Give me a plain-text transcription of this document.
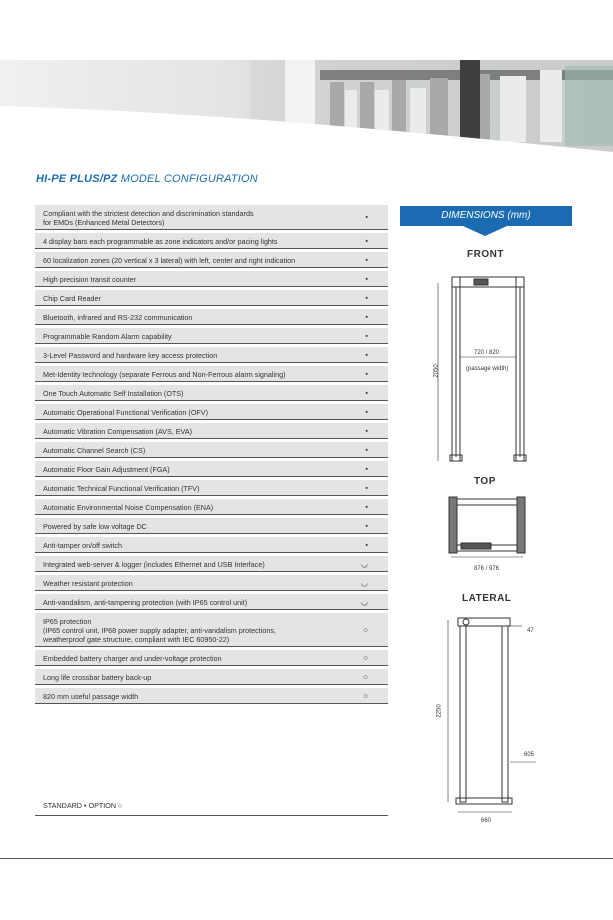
HI-PE PLUS/PZ MODEL CONFIGURATION
Compliant with the strictest detection and discrimination standards
for EMDs (Enhanced Metal Detectors)
•
4 display bars each programmable as zone indicators and/or pacing lights	•
60 localization zones (20 vertical x 3 lateral) with left, center and right indication	•
High precision transit counter	•
Chip Card Reader	•
Bluetooth, infrared and RS-232 communication	•
Programmable Random Alarm capability	•
3-Level Password and hardware key access protection	•
Met-Identity technology (separate Ferrous and Non-Ferrous alarm signaling)	•
One Touch Automatic Self Installation (OTS)	•
Automatic Operational Functional Verification (OFV)	•
Automatic Vibration Compensation (AVS, EVA)	•
Automatic Channel Search (CS)	•
Automatic Floor Gain Adjustment (FGA)	•
Automatic Technical Functional Verification (TFV)	•
Automatic Environmental Noise Compensation (ENA)	•
Powered by safe low voltage DC	•
Anti-tamper on/off switch	•
Integrated web-server & logger (includes Ethernet and USB Interface)	◡
Weather resistant protection	◡
Anti-vandalism, anti-tampering protection (with IP65 control unit)	◡
IP65 protection
(IP65 control unit, IP68 power supply adapter, anti-vandalism protections,
weatherproof gate structure, compliant with IEC 60950-22)
○
Embedded battery charger and under-voltage protection	○
Long life crossbar battery back-up	○
820 mm useful passage width	○
STANDARD • OPTION ○
DIMENSIONS (mm)
FRONT
TOP
LATERAL
720 / 820
(passage width)
2050
876 / 976
47
2250
605
660
